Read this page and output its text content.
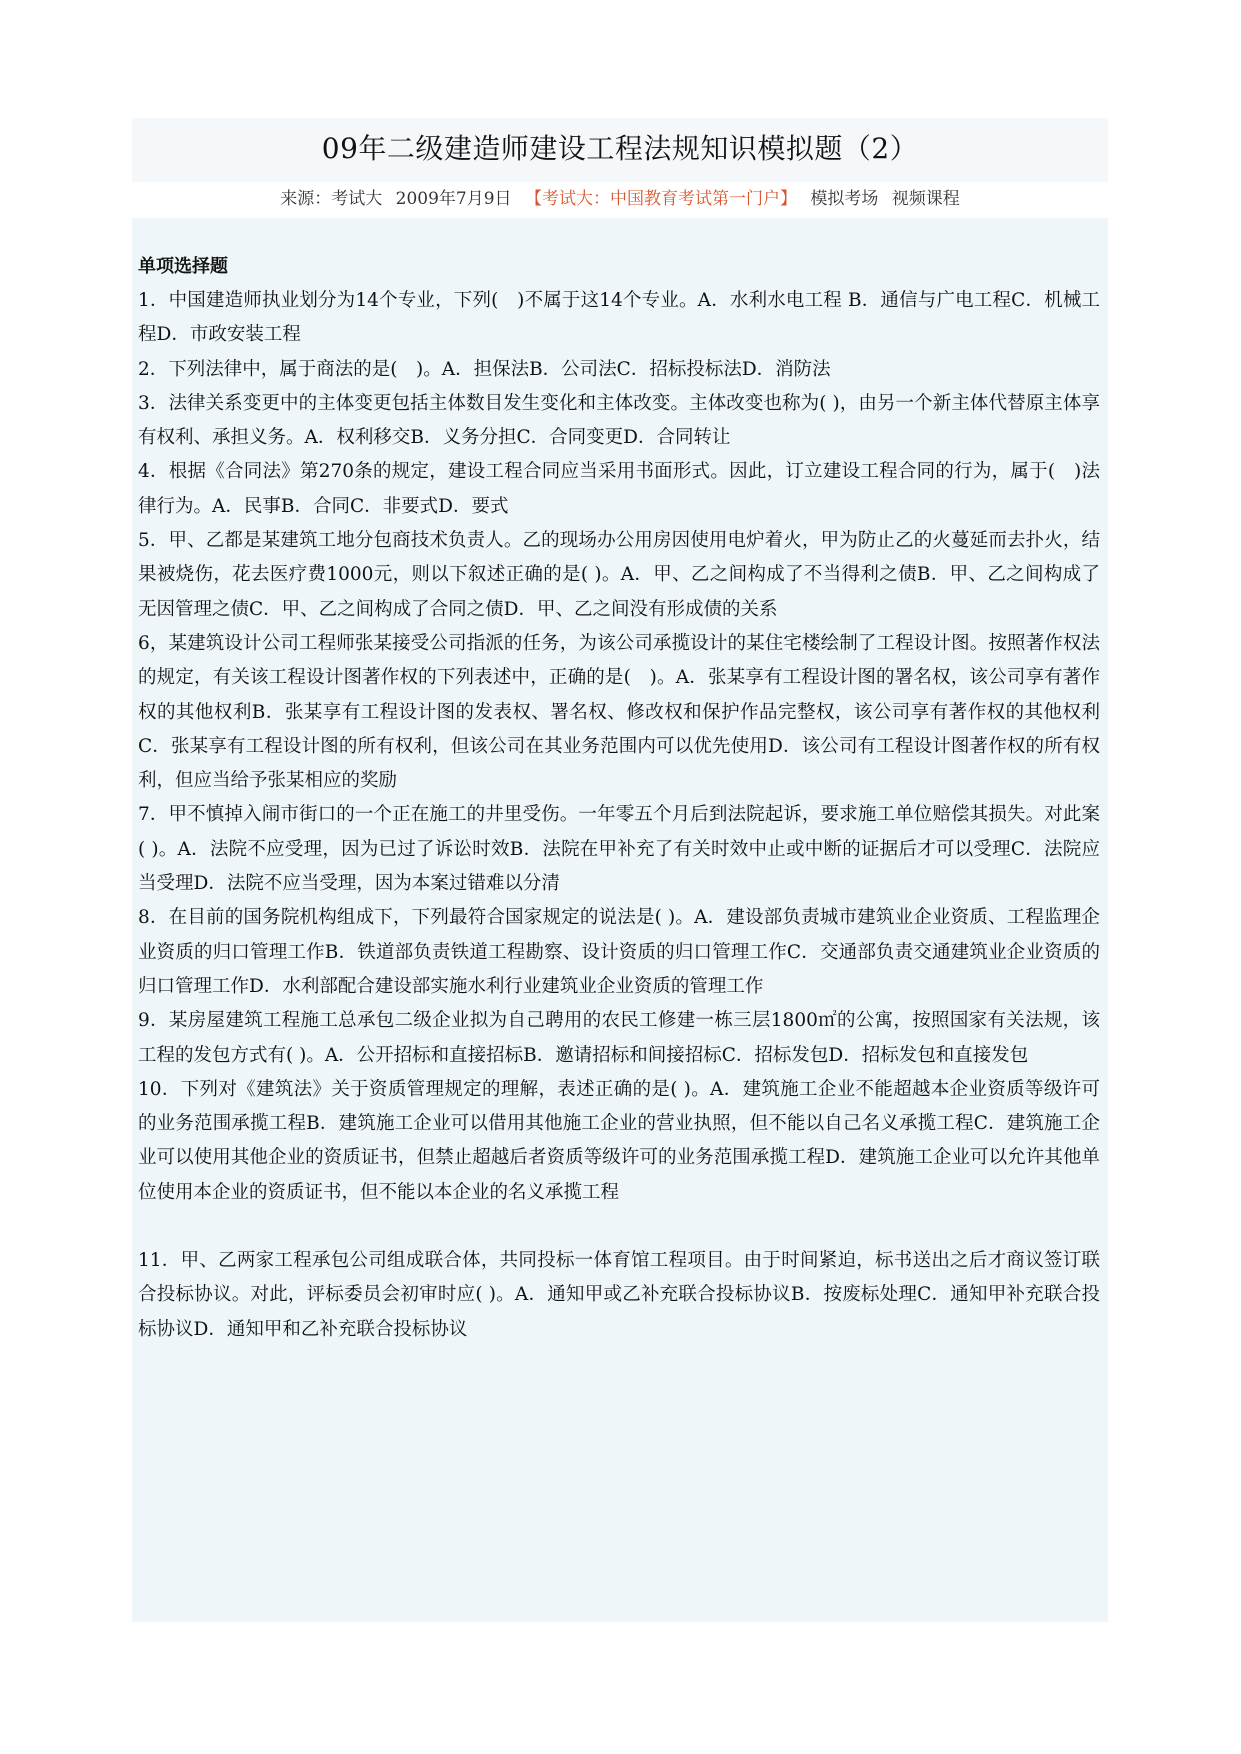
09年二级建造师建设工程法规知识模拟题（2）
来源：考试大 2009年7月9日 【考试大：中国教育考试第一门户】 模拟考场 视频课程

单项选择题

1．中国建造师执业划分为14个专业，下列(　)不属于这14个专业。A．水利水电工程 B．通信与广电工程C．机械工程D．市政安装工程

2．下列法律中，属于商法的是(　)。A．担保法B．公司法C．招标投标法D．消防法

3．法律关系变更中的主体变更包括主体数目发生变化和主体改变。主体改变也称为( )，由另一个新主体代替原主体享有权利、承担义务。A．权利移交B．义务分担C．合同变更D．合同转让

4．根据《合同法》第270条的规定，建设工程合同应当采用书面形式。因此，订立建设工程合同的行为，属于(　)法律行为。A．民事B．合同C．非要式D．要式

5．甲、乙都是某建筑工地分包商技术负责人。乙的现场办公用房因使用电炉着火，甲为防止乙的火蔓延而去扑火，结果被烧伤，花去医疗费1000元，则以下叙述正确的是( )。A．甲、乙之间构成了不当得利之债B．甲、乙之间构成了无因管理之债C．甲、乙之间构成了合同之债D．甲、乙之间没有形成债的关系

6，某建筑设计公司工程师张某接受公司指派的任务，为该公司承揽设计的某住宅楼绘制了工程设计图。按照著作权法的规定，有关该工程设计图著作权的下列表述中，正确的是(　)。A．张某享有工程设计图的署名权，该公司享有著作权的其他权利B．张某享有工程设计图的发表权、署名权、修改权和保护作品完整权，该公司享有著作权的其他权利C．张某享有工程设计图的所有权利，但该公司在其业务范围内可以优先使用D．该公司有工程设计图著作权的所有权利，但应当给予张某相应的奖励

7．甲不慎掉入闹市街口的一个正在施工的井里受伤。一年零五个月后到法院起诉，要求施工单位赔偿其损失。对此案( )。A．法院不应受理，因为已过了诉讼时效B．法院在甲补充了有关时效中止或中断的证据后才可以受理C．法院应当受理D．法院不应当受理，因为本案过错难以分清

8．在目前的国务院机构组成下，下列最符合国家规定的说法是( )。A．建设部负责城市建筑业企业资质、工程监理企业资质的归口管理工作B．铁道部负责铁道工程勘察、设计资质的归口管理工作C．交通部负责交通建筑业企业资质的归口管理工作D．水利部配合建设部实施水利行业建筑业企业资质的管理工作

9．某房屋建筑工程施工总承包二级企业拟为自己聘用的农民工修建一栋三层1800㎡的公寓，按照国家有关法规，该工程的发包方式有( )。A．公开招标和直接招标B．邀请招标和间接招标C．招标发包D．招标发包和直接发包

10．下列对《建筑法》关于资质管理规定的理解，表述正确的是( )。A．建筑施工企业不能超越本企业资质等级许可的业务范围承揽工程B．建筑施工企业可以借用其他施工企业的营业执照，但不能以自己名义承揽工程C．建筑施工企业可以使用其他企业的资质证书，但禁止超越后者资质等级许可的业务范围承揽工程D．建筑施工企业可以允许其他单位使用本企业的资质证书，但不能以本企业的名义承揽工程

11．甲、乙两家工程承包公司组成联合体，共同投标一体育馆工程项目。由于时间紧迫，标书送出之后才商议签订联合投标协议。对此，评标委员会初审时应( )。A．通知甲或乙补充联合投标协议B．按废标处理C．通知甲补充联合投标协议D．通知甲和乙补充联合投标协议
